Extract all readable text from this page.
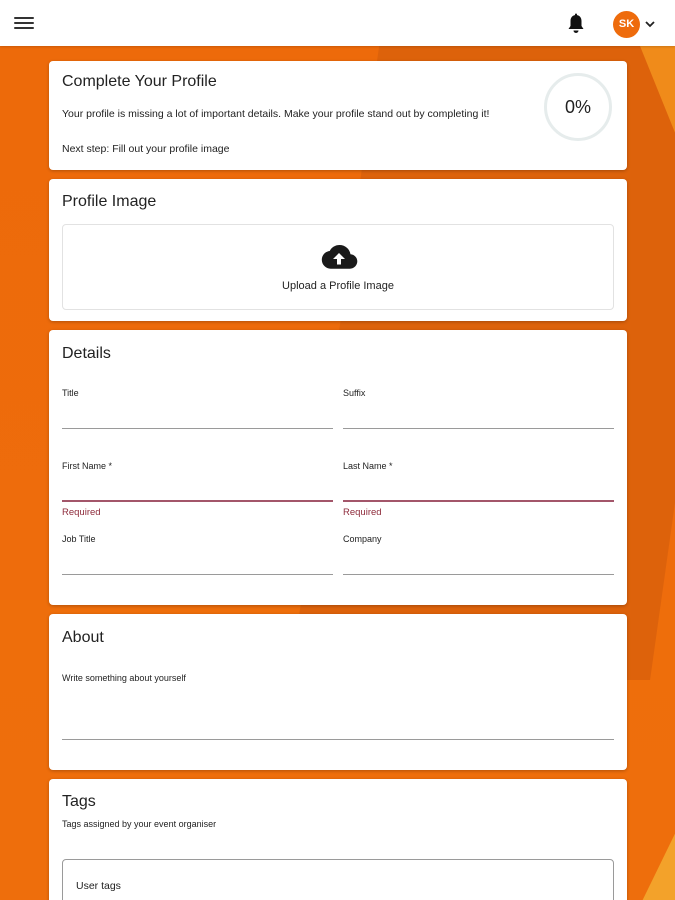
SK
Complete Your Profile
Your profile is missing a lot of important details. Make your profile stand out by completing it!
Next step: Fill out your profile image
0%
Profile Image
Upload a Profile Image
Details
Title	Suffix
First Name *
Required
Last Name *
Required
Job Title	Company
About
Write something about yourself
Tags
Tags assigned by your event organiser
User tags
